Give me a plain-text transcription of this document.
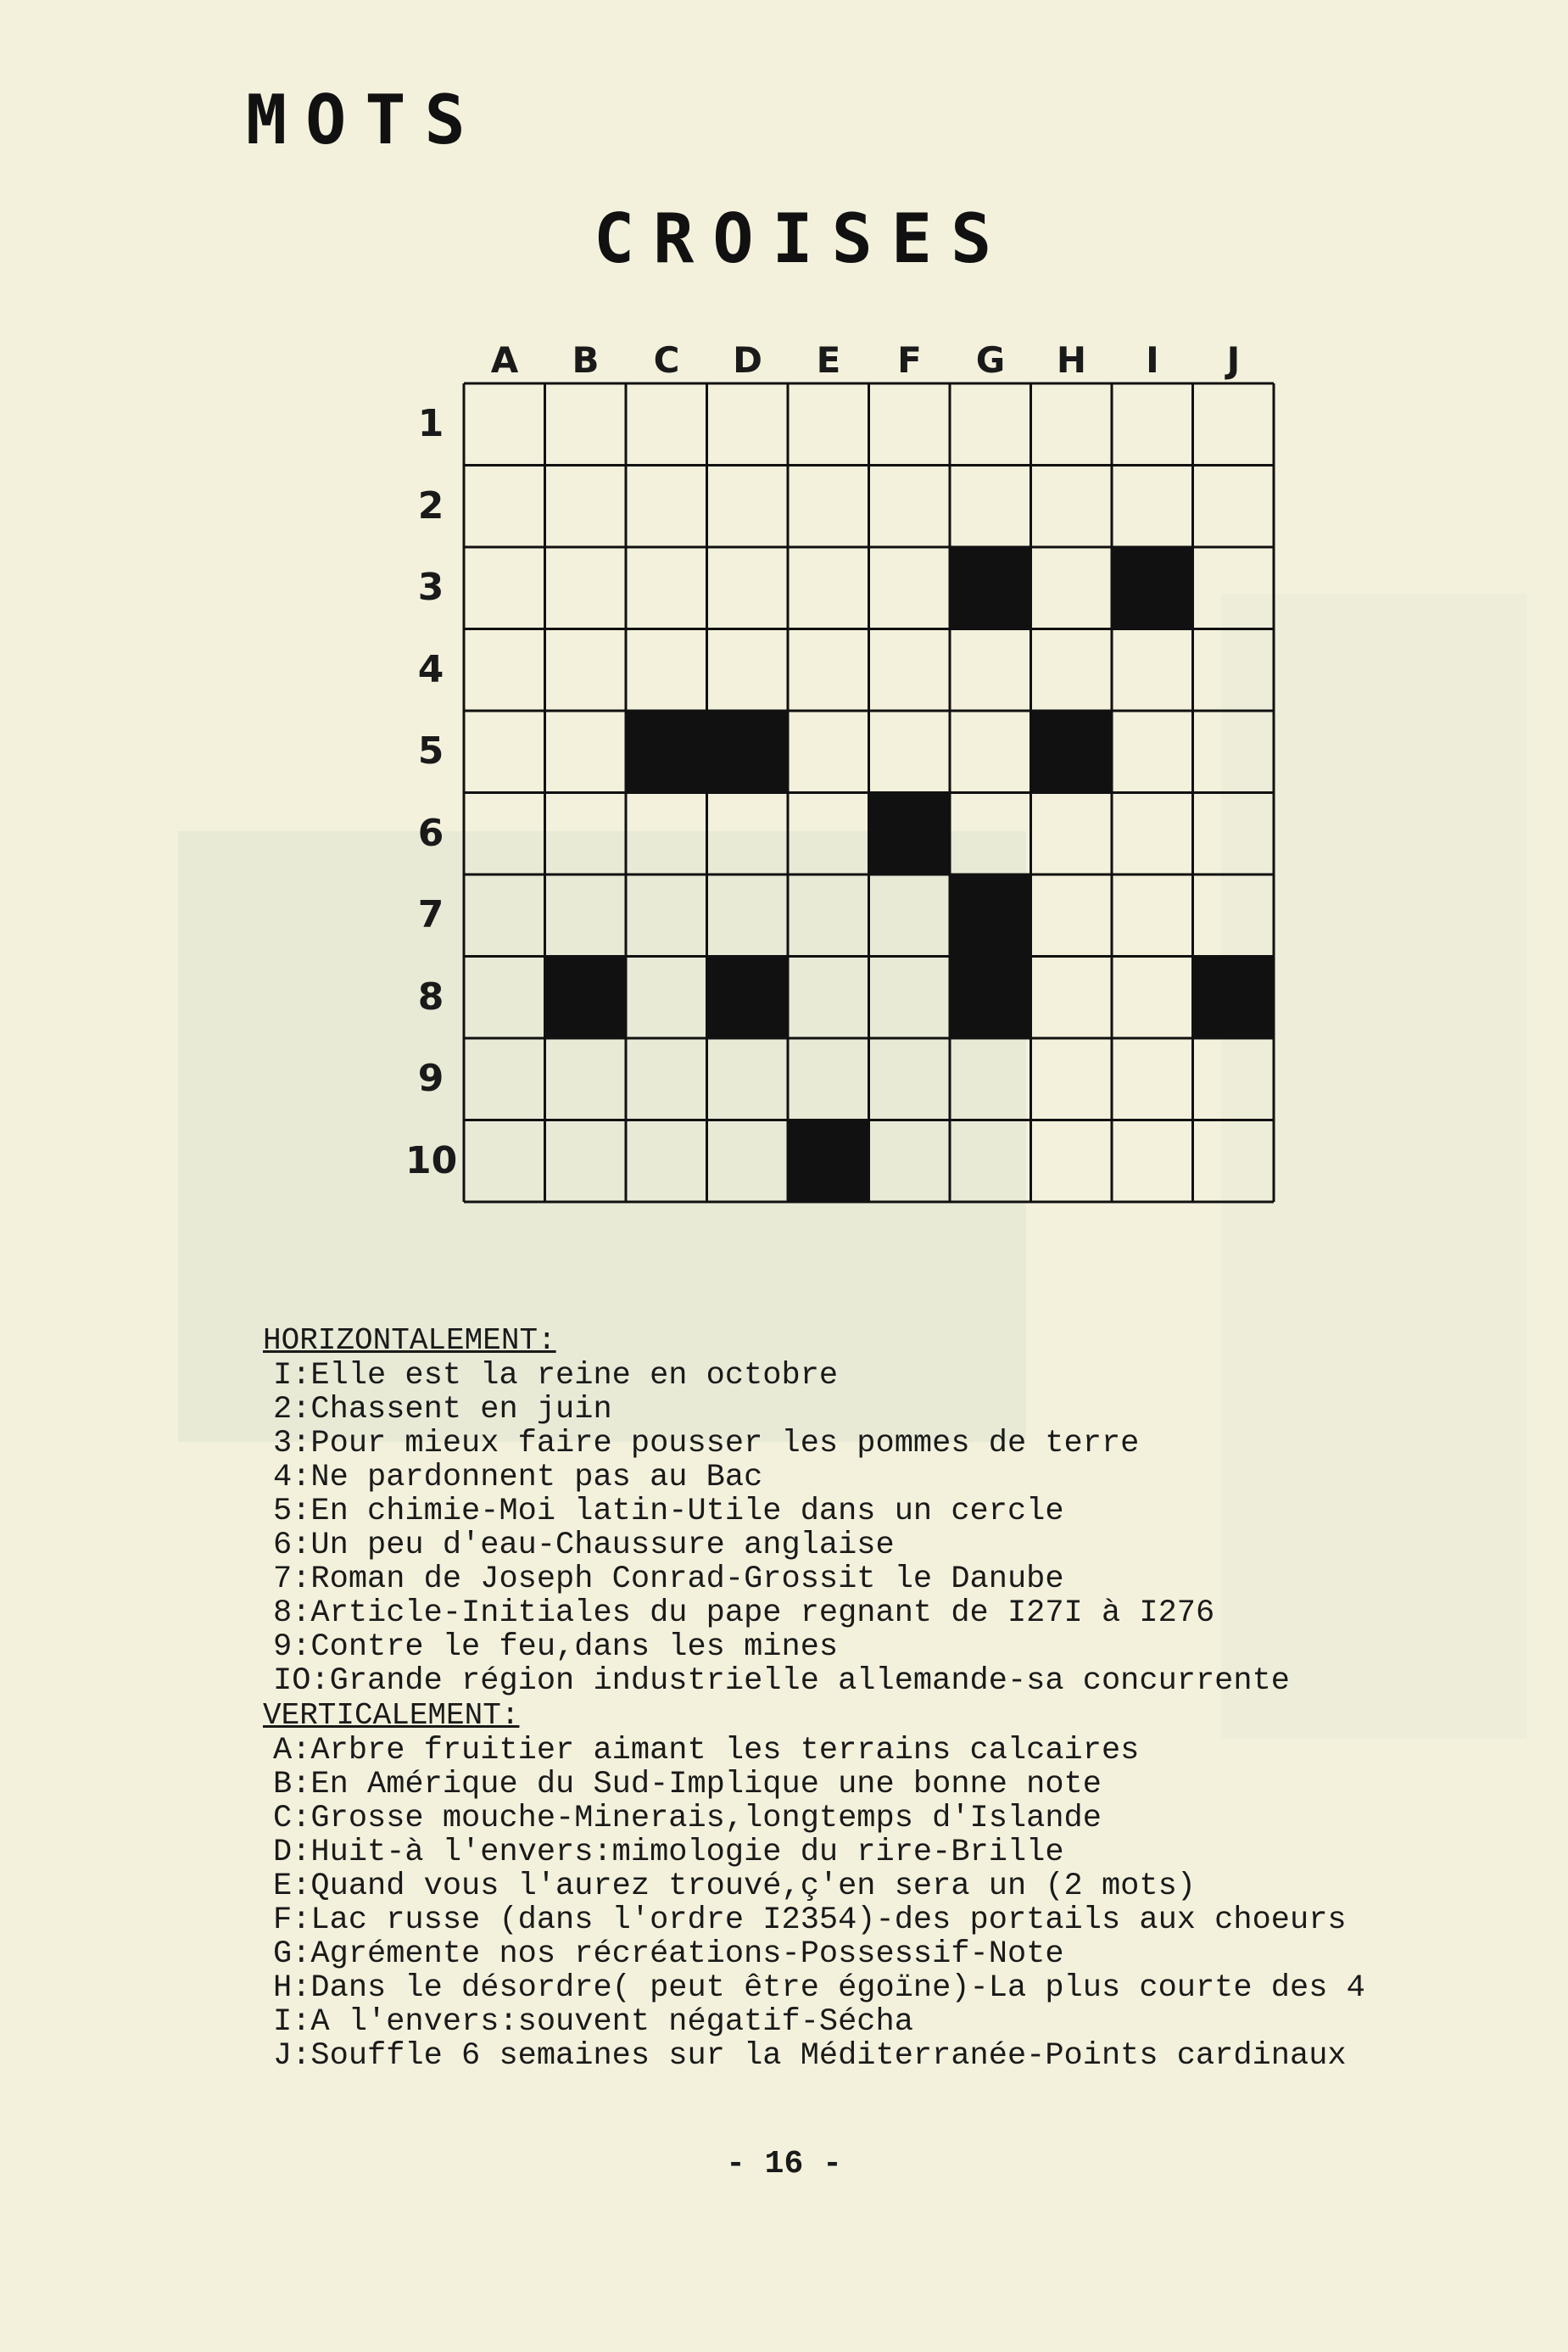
MOTS
CROISES
A	B	C	D	E	F	G	H	I	J
1
2
3
4
5
6
7
8
9
10

HORIZONTALEMENT:

I:Elle est la reine en octobre

2:Chassent en juin

3:Pour mieux faire pousser les pommes de terre

4:Ne pardonnent pas au Bac

5:En chimie-Moi latin-Utile dans un cercle

6:Un peu d'eau-Chaussure anglaise

7:Roman de Joseph Conrad-Grossit le Danube

8:Article-Initiales du pape regnant de I27I à I276

9:Contre le feu,dans les mines

IO:Grande région industrielle allemande-sa concurrente

VERTICALEMENT:

A:Arbre fruitier aimant les terrains calcaires

B:En Amérique du Sud-Implique une bonne note

C:Grosse mouche-Minerais,longtemps d'Islande

D:Huit-à l'envers:mimologie du rire-Brille

E:Quand vous l'aurez trouvé,ç'en sera un (2 mots)

F:Lac russe (dans l'ordre I2354)-des portails aux choeurs

G:Agrémente nos récréations-Possessif-Note

H:Dans le désordre( peut être égoïne)-La plus courte des 4

I:A l'envers:souvent négatif-Sécha

J:Souffle 6 semaines sur la Méditerranée-Points cardinaux

- 16 -
